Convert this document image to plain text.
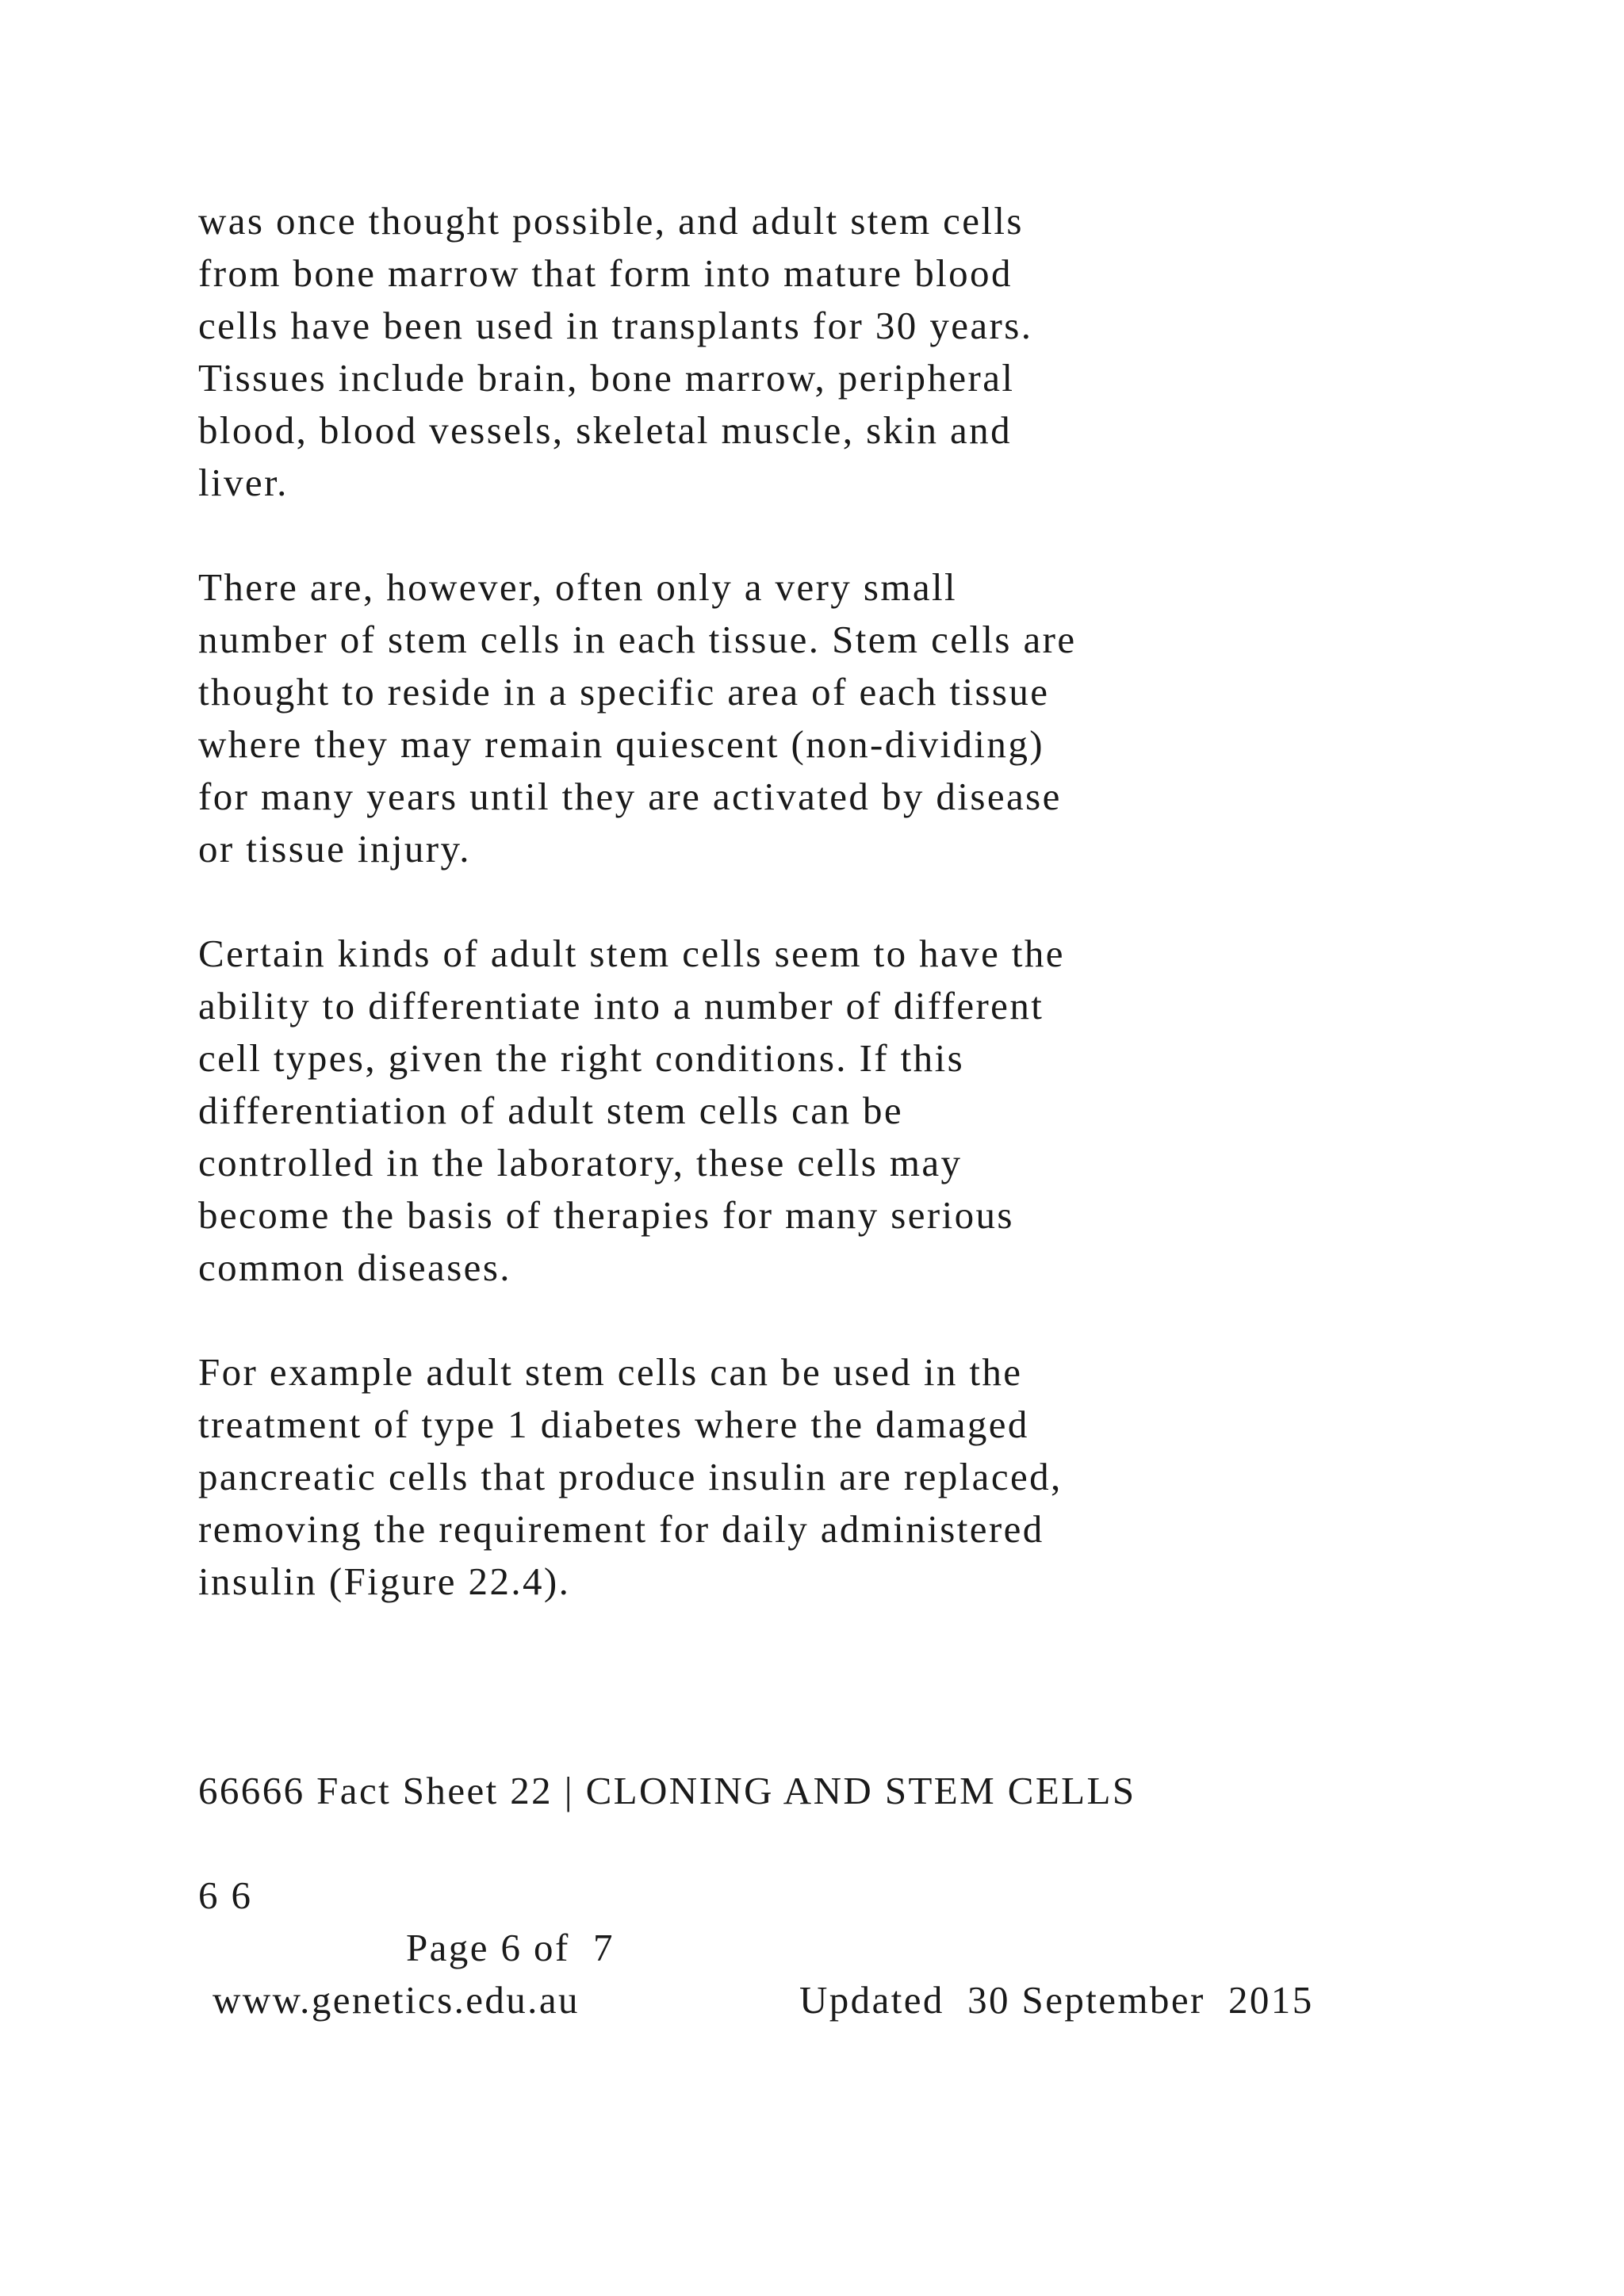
was once thought possible, and adult stem cells
from bone marrow that form into mature blood
cells have been used in transplants for 30 years.
Tissues include brain, bone marrow, peripheral
blood, blood vessels, skeletal muscle, skin and
liver.
There are, however, often only a very small
number of stem cells in each tissue. Stem cells are
thought to reside in a specific area of each tissue
where they may remain quiescent (non-dividing)
for many years until they are activated by disease
or tissue injury.
Certain kinds of adult stem cells seem to have the
ability to differentiate into a number of different
cell types, given the right conditions. If this
differentiation of adult stem cells can be
controlled in the laboratory, these cells may
become the basis of therapies for many serious
common diseases.
For example adult stem cells can be used in the
treatment of type 1 diabetes where the damaged
pancreatic cells that produce insulin are replaced,
removing the requirement for daily administered
insulin (Figure 22.4).
66666 Fact Sheet 22 | CLONING AND STEM CELLS
6 6
Page 6 of  7
www.genetics.edu.au	Updated  30 September  2015
